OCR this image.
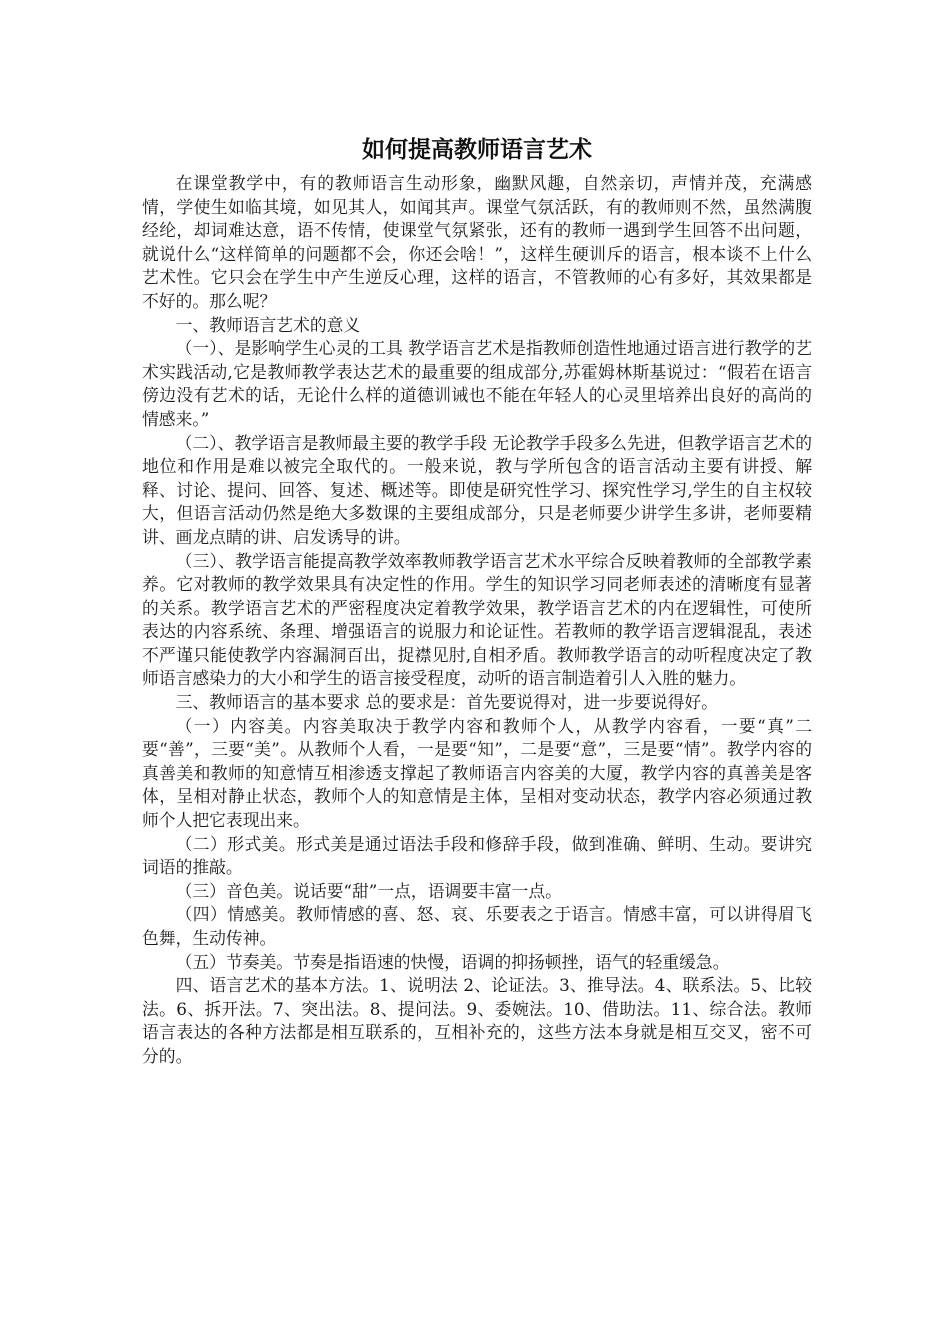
如何提高教师语言艺术

在课堂教学中，有的教师语言生动形象，幽默风趣，自然亲切，声情并茂，充满感情，学使生如临其境，如见其人，如闻其声。课堂气氛活跃，有的教师则不然，虽然满腹经纶，却词难达意，语不传情，使课堂气氛紧张，还有的教师一遇到学生回答不出问题，就说什么“这样简单的问题都不会，你还会啥！”，这样生硬训斥的语言，根本谈不上什么艺术性。它只会在学生中产生逆反心理，这样的语言，不管教师的心有多好，其效果都是不好的。那么呢？

一、教师语言艺术的意义

（一）、是影响学生心灵的工具 教学语言艺术是指教师创造性地通过语言进行教学的艺术实践活动,它是教师教学表达艺术的最重要的组成部分,苏霍姆林斯基说过：“假若在语言傍边没有艺术的话，无论什么样的道德训诫也不能在年轻人的心灵里培养出良好的高尚的情感来。”

（二）、教学语言是教师最主要的教学手段 无论教学手段多么先进，但教学语言艺术的地位和作用是难以被完全取代的。一般来说，教与学所包含的语言活动主要有讲授、解释、讨论、提问、回答、复述、概述等。即使是研究性学习、探究性学习,学生的自主权较大，但语言活动仍然是绝大多数课的主要组成部分，只是老师要少讲学生多讲，老师要精讲、画龙点睛的讲、启发诱导的讲。

（三）、教学语言能提高教学效率教师教学语言艺术水平综合反映着教师的全部教学素养。它对教师的教学效果具有决定性的作用。学生的知识学习同老师表述的清晰度有显著的关系。教学语言艺术的严密程度决定着教学效果，教学语言艺术的内在逻辑性，可使所表达的内容系统、条理、增强语言的说服力和论证性。若教师的教学语言逻辑混乱，表述不严谨只能使教学内容漏洞百出，捉襟见肘,自相矛盾。教师教学语言的动听程度决定了教师语言感染力的大小和学生的语言接受程度，动听的语言制造着引人入胜的魅力。

三、教师语言的基本要求 总的要求是：首先要说得对，进一步要说得好。

（一）内容美。内容美取决于教学内容和教师个人，从教学内容看，一要“真”二要“善”，三要“美”。从教师个人看，一是要“知”，二是要“意”，三是要“情”。教学内容的真善美和教师的知意情互相渗透支撑起了教师语言内容美的大厦，教学内容的真善美是客体，呈相对静止状态，教师个人的知意情是主体，呈相对变动状态，教学内容必须通过教师个人把它表现出来。

（二）形式美。形式美是通过语法手段和修辞手段，做到准确、鲜明、生动。要讲究词语的推敲。

（三）音色美。说话要“甜”一点，语调要丰富一点。

（四）情感美。教师情感的喜、怒、哀、乐要表之于语言。情感丰富，可以讲得眉飞色舞，生动传神。

（五）节奏美。节奏是指语速的快慢，语调的抑扬顿挫，语气的轻重缓急。

四、语言艺术的基本方法。1、说明法 2、论证法。3、推导法。4、联系法。5、比较法。6、拆开法。7、突出法。8、提问法。9、委婉法。10、借助法。11、综合法。教师语言表达的各种方法都是相互联系的，互相补充的，这些方法本身就是相互交叉，密不可分的。
